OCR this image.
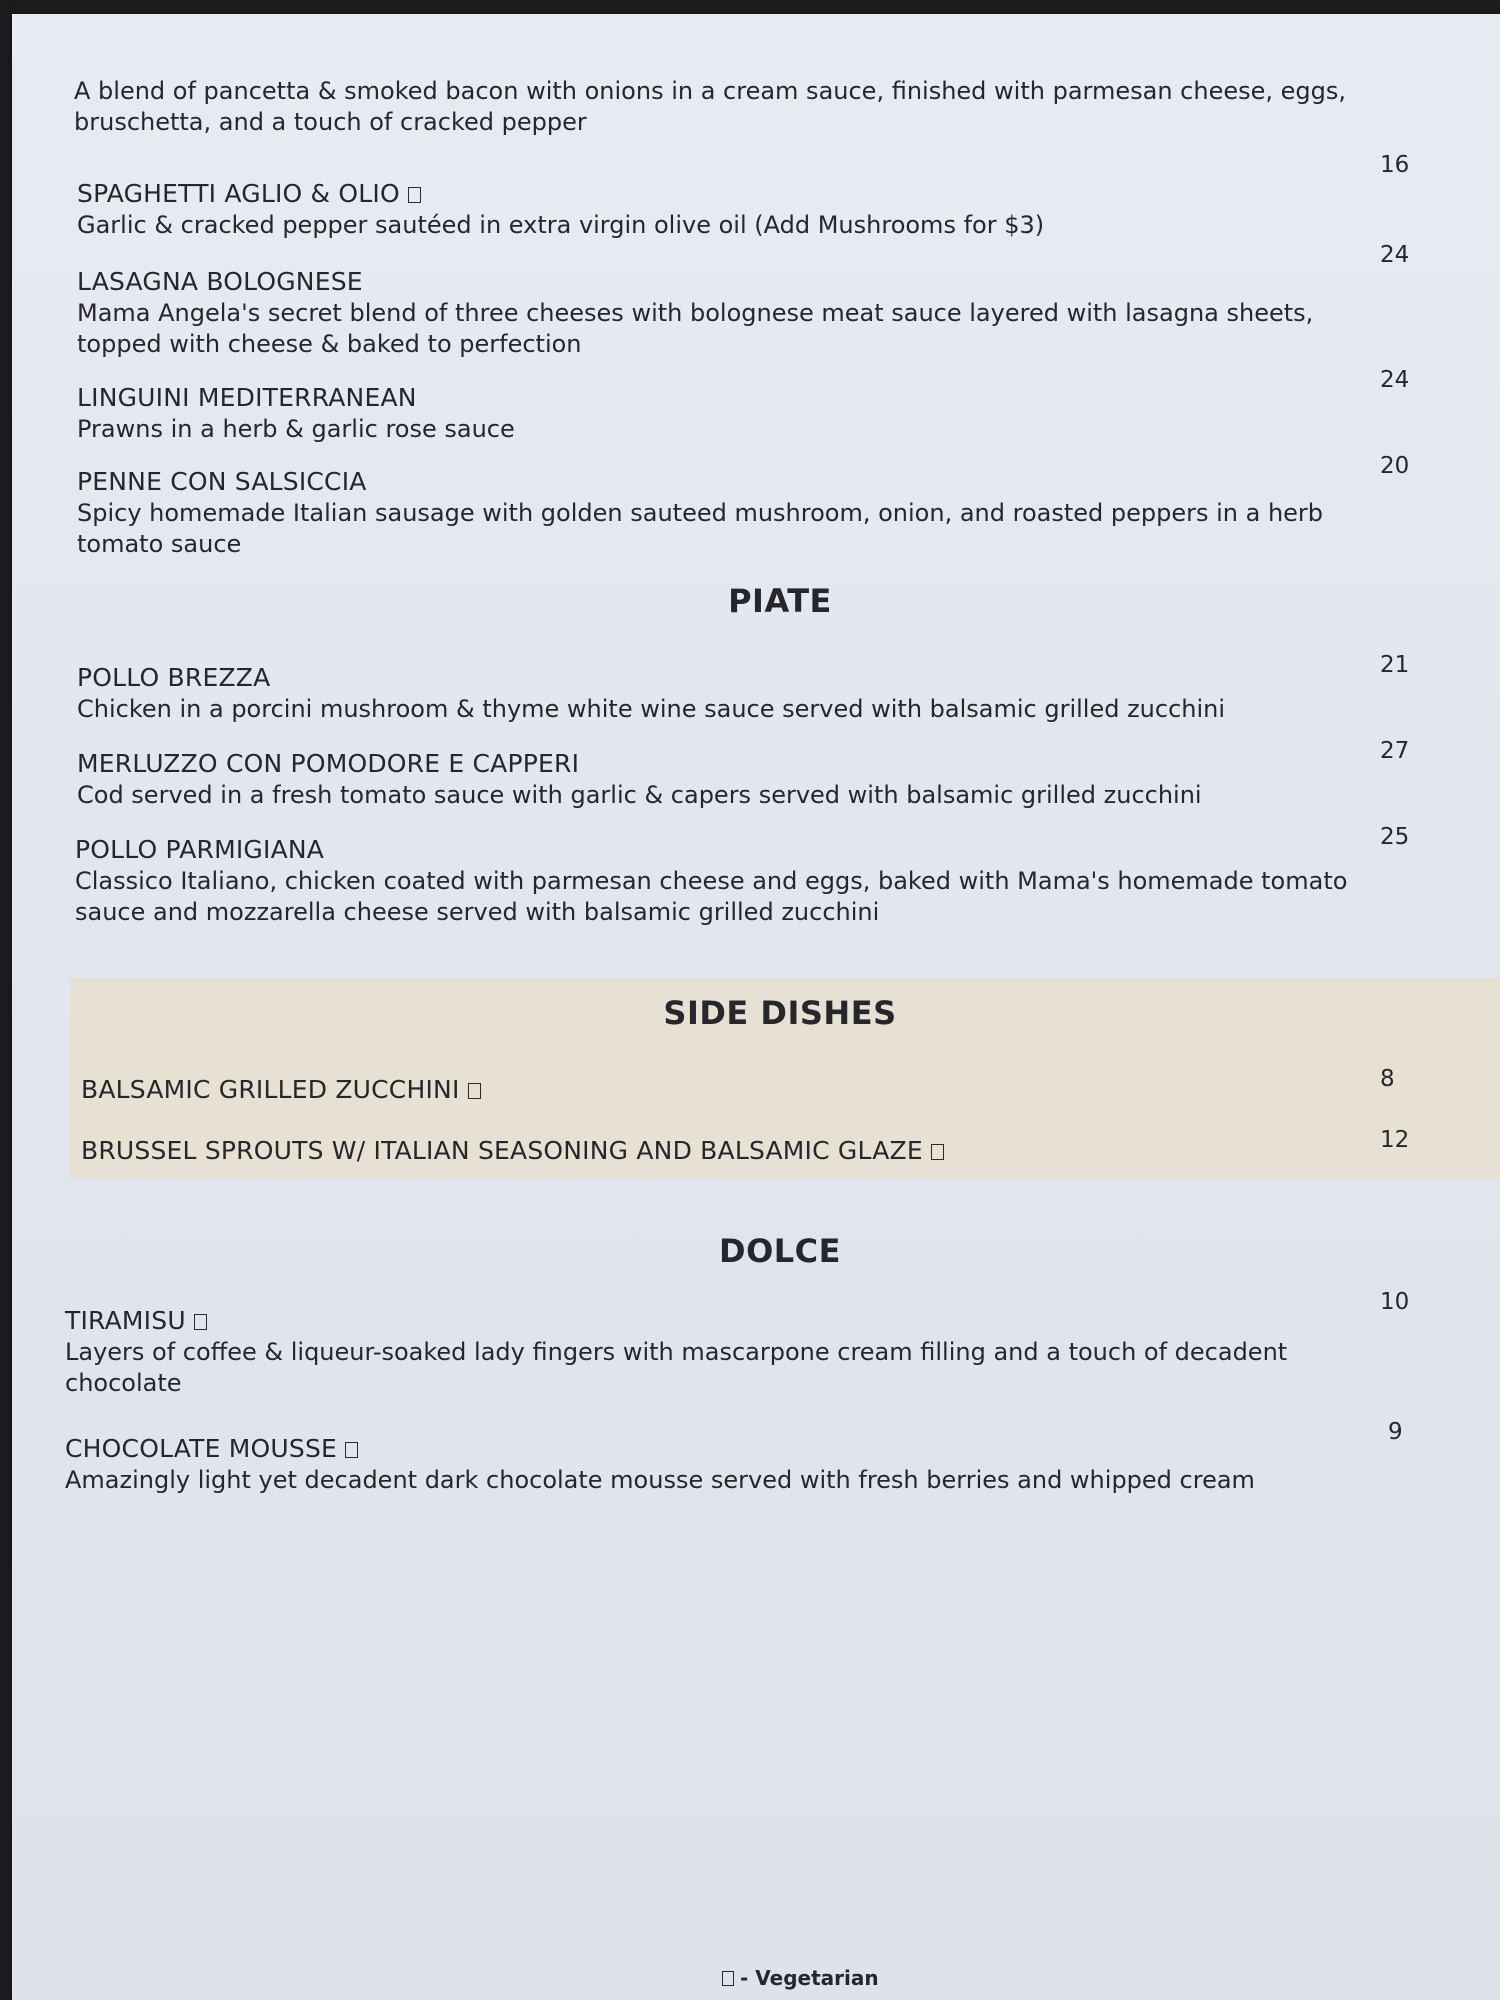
A blend of pancetta & smoked bacon with onions in a cream sauce, finished with parmesan cheese, eggs, bruschetta, and a touch of cracked pepper
SPAGHETTI AGLIO & OLIO
Garlic & cracked pepper sautéed in extra virgin olive oil (Add Mushrooms for $3)
16
LASAGNA BOLOGNESE
Mama Angela's secret blend of three cheeses with bolognese meat sauce layered with lasagna sheets, topped with cheese & baked to perfection
24
LINGUINI MEDITERRANEAN
Prawns in a herb & garlic rose sauce
24
PENNE CON SALSICCIA
Spicy homemade Italian sausage with golden sauteed mushroom, onion, and roasted peppers in a herb tomato sauce
20
PIATE
POLLO BREZZA
Chicken in a porcini mushroom & thyme white wine sauce served with balsamic grilled zucchini
21
MERLUZZO CON POMODORE E CAPPERI
Cod served in a fresh tomato sauce with garlic & capers served with balsamic grilled zucchini
27
POLLO PARMIGIANA
Classico Italiano, chicken coated with parmesan cheese and eggs, baked with Mama's homemade tomato sauce and mozzarella cheese served with balsamic grilled zucchini
25
SIDE DISHES
BALSAMIC GRILLED ZUCCHINI	8
BRUSSEL SPROUTS W/ ITALIAN SEASONING AND BALSAMIC GLAZE	12
DOLCE
TIRAMISU
Layers of coffee & liqueur-soaked lady fingers with mascarpone cream filling and a touch of decadent chocolate
10
CHOCOLATE MOUSSE
Amazingly light yet decadent dark chocolate mousse served with fresh berries and whipped cream
9
- Vegetarian
